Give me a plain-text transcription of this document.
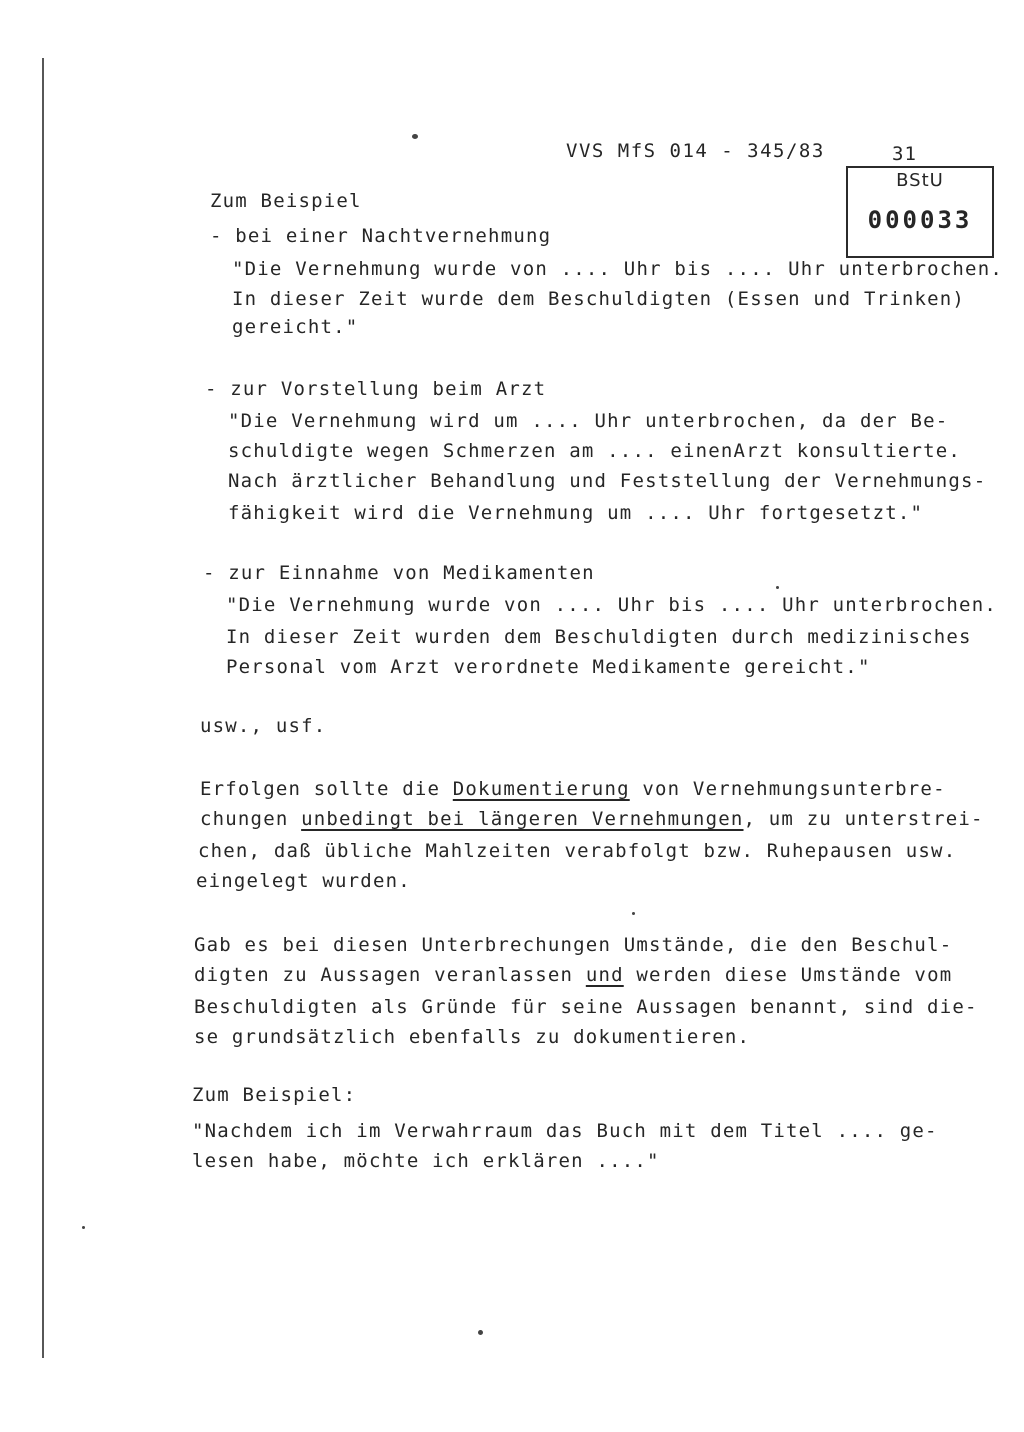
VVS MfS 014 - 345/83	31
BStU
000033
Zum Beispiel
- bei einer Nachtvernehmung
"Die Vernehmung wurde von .... Uhr bis .... Uhr unterbrochen.
In dieser Zeit wurde dem Beschuldigten (Essen und Trinken)
gereicht."
- zur Vorstellung beim Arzt
"Die Vernehmung wird um .... Uhr unterbrochen, da der Be-
schuldigte wegen Schmerzen am .... einenArzt konsultierte.
Nach ärztlicher Behandlung und Feststellung der Vernehmungs-
fähigkeit wird die Vernehmung um .... Uhr fortgesetzt."
- zur Einnahme von Medikamenten
"Die Vernehmung wurde von .... Uhr bis .... Uhr unterbrochen.
In dieser Zeit wurden dem Beschuldigten durch medizinisches
Personal vom Arzt verordnete Medikamente gereicht."
usw., usf.
Erfolgen sollte die Dokumentierung von Vernehmungsunterbre-
chungen unbedingt bei längeren Vernehmungen, um zu unterstrei-
chen, daß übliche Mahlzeiten verabfolgt bzw. Ruhepausen usw.
eingelegt wurden.
Gab es bei diesen Unterbrechungen Umstände, die den Beschul-
digten zu Aussagen veranlassen und werden diese Umstände vom
Beschuldigten als Gründe für seine Aussagen benannt, sind die-
se grundsätzlich ebenfalls zu dokumentieren.
Zum Beispiel:
"Nachdem ich im Verwahrraum das Buch mit dem Titel .... ge-
lesen habe, möchte ich erklären ...."
